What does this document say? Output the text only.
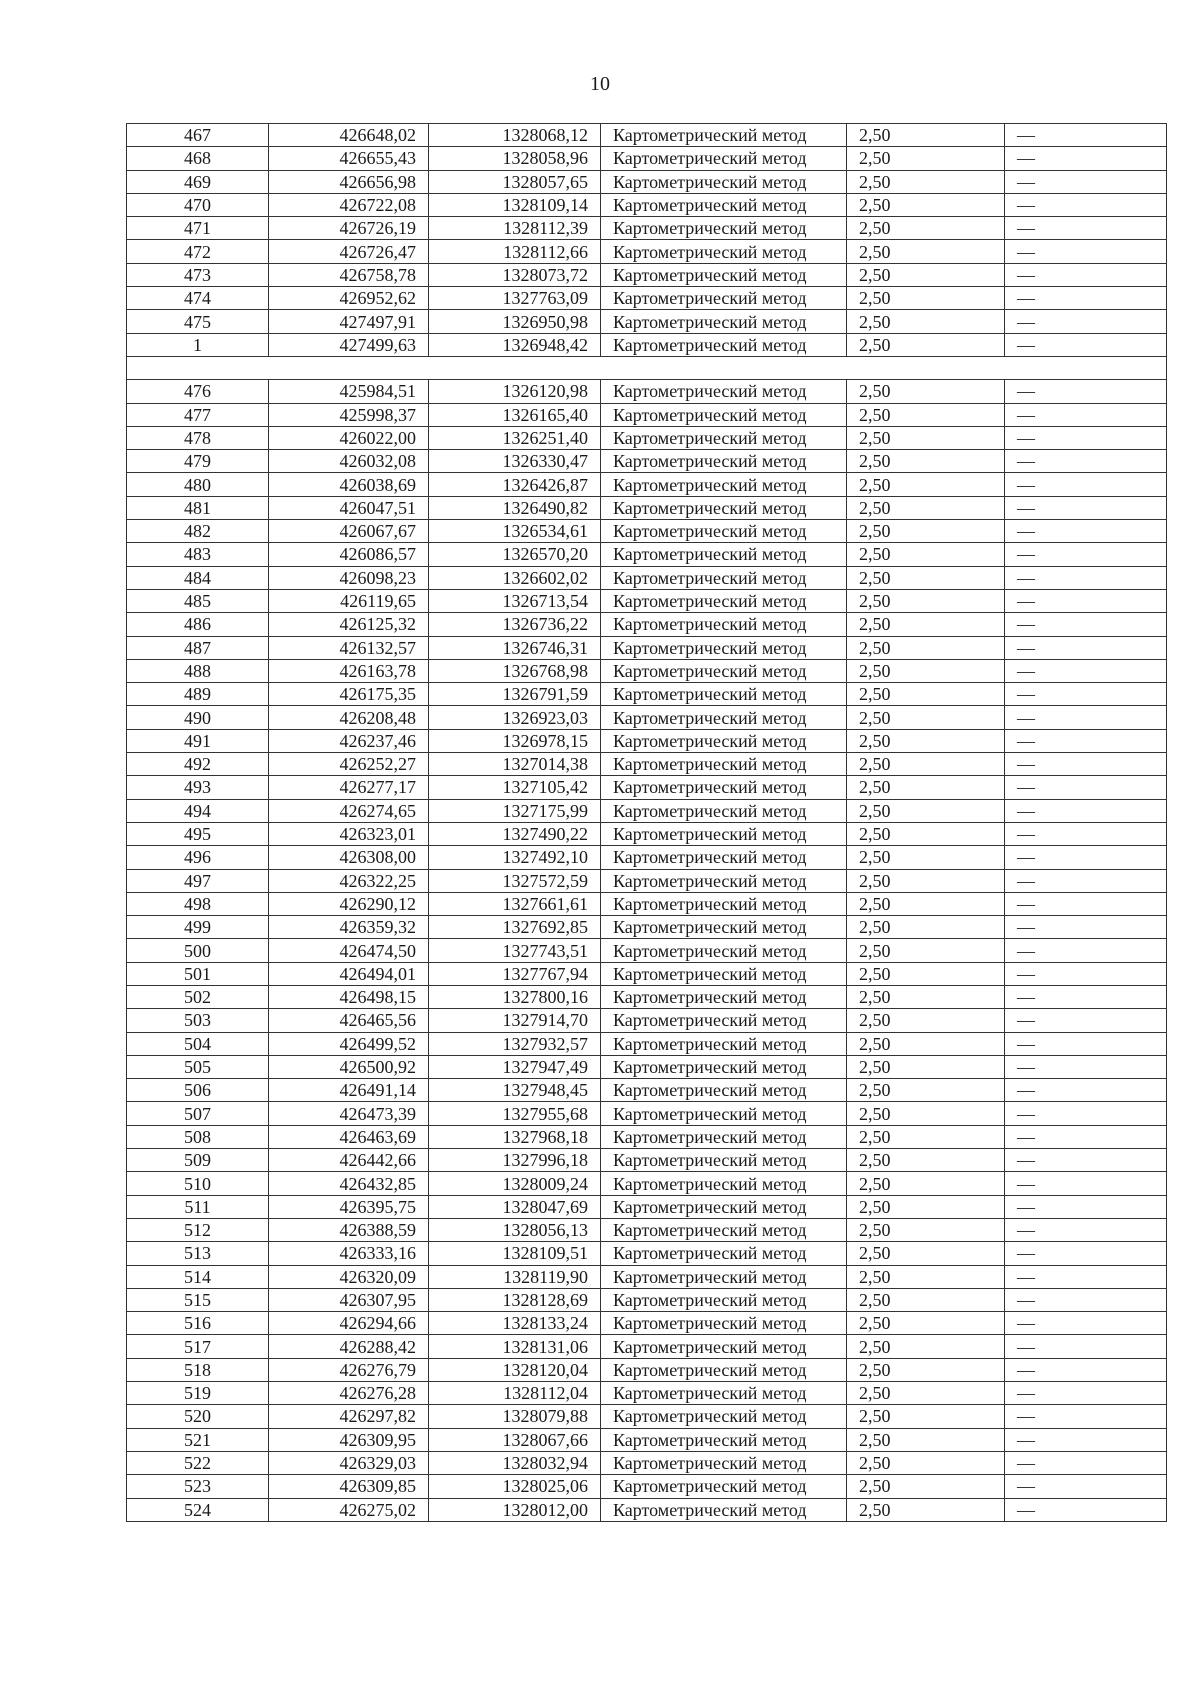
10
467	426648,02	1328068,12	Картометрический метод	2,50	—
468	426655,43	1328058,96	Картометрический метод	2,50	—
469	426656,98	1328057,65	Картометрический метод	2,50	—
470	426722,08	1328109,14	Картометрический метод	2,50	—
471	426726,19	1328112,39	Картометрический метод	2,50	—
472	426726,47	1328112,66	Картометрический метод	2,50	—
473	426758,78	1328073,72	Картометрический метод	2,50	—
474	426952,62	1327763,09	Картометрический метод	2,50	—
475	427497,91	1326950,98	Картометрический метод	2,50	—
1	427499,63	1326948,42	Картометрический метод	2,50	—

476	425984,51	1326120,98	Картометрический метод	2,50	—
477	425998,37	1326165,40	Картометрический метод	2,50	—
478	426022,00	1326251,40	Картометрический метод	2,50	—
479	426032,08	1326330,47	Картометрический метод	2,50	—
480	426038,69	1326426,87	Картометрический метод	2,50	—
481	426047,51	1326490,82	Картометрический метод	2,50	—
482	426067,67	1326534,61	Картометрический метод	2,50	—
483	426086,57	1326570,20	Картометрический метод	2,50	—
484	426098,23	1326602,02	Картометрический метод	2,50	—
485	426119,65	1326713,54	Картометрический метод	2,50	—
486	426125,32	1326736,22	Картометрический метод	2,50	—
487	426132,57	1326746,31	Картометрический метод	2,50	—
488	426163,78	1326768,98	Картометрический метод	2,50	—
489	426175,35	1326791,59	Картометрический метод	2,50	—
490	426208,48	1326923,03	Картометрический метод	2,50	—
491	426237,46	1326978,15	Картометрический метод	2,50	—
492	426252,27	1327014,38	Картометрический метод	2,50	—
493	426277,17	1327105,42	Картометрический метод	2,50	—
494	426274,65	1327175,99	Картометрический метод	2,50	—
495	426323,01	1327490,22	Картометрический метод	2,50	—
496	426308,00	1327492,10	Картометрический метод	2,50	—
497	426322,25	1327572,59	Картометрический метод	2,50	—
498	426290,12	1327661,61	Картометрический метод	2,50	—
499	426359,32	1327692,85	Картометрический метод	2,50	—
500	426474,50	1327743,51	Картометрический метод	2,50	—
501	426494,01	1327767,94	Картометрический метод	2,50	—
502	426498,15	1327800,16	Картометрический метод	2,50	—
503	426465,56	1327914,70	Картометрический метод	2,50	—
504	426499,52	1327932,57	Картометрический метод	2,50	—
505	426500,92	1327947,49	Картометрический метод	2,50	—
506	426491,14	1327948,45	Картометрический метод	2,50	—
507	426473,39	1327955,68	Картометрический метод	2,50	—
508	426463,69	1327968,18	Картометрический метод	2,50	—
509	426442,66	1327996,18	Картометрический метод	2,50	—
510	426432,85	1328009,24	Картометрический метод	2,50	—
511	426395,75	1328047,69	Картометрический метод	2,50	—
512	426388,59	1328056,13	Картометрический метод	2,50	—
513	426333,16	1328109,51	Картометрический метод	2,50	—
514	426320,09	1328119,90	Картометрический метод	2,50	—
515	426307,95	1328128,69	Картометрический метод	2,50	—
516	426294,66	1328133,24	Картометрический метод	2,50	—
517	426288,42	1328131,06	Картометрический метод	2,50	—
518	426276,79	1328120,04	Картометрический метод	2,50	—
519	426276,28	1328112,04	Картометрический метод	2,50	—
520	426297,82	1328079,88	Картометрический метод	2,50	—
521	426309,95	1328067,66	Картометрический метод	2,50	—
522	426329,03	1328032,94	Картометрический метод	2,50	—
523	426309,85	1328025,06	Картометрический метод	2,50	—
524	426275,02	1328012,00	Картометрический метод	2,50	—
